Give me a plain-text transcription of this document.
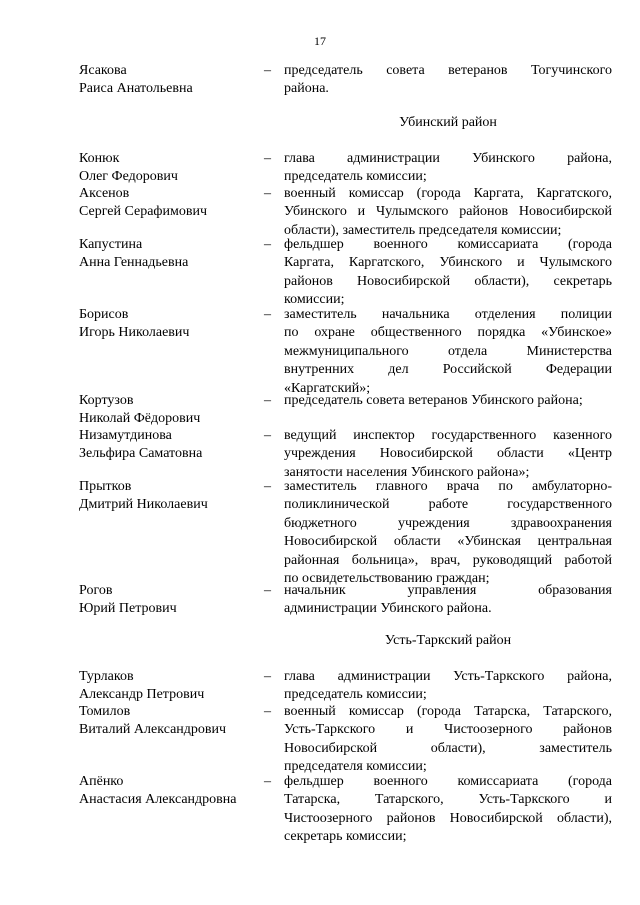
17
Ясакова
Раиса Анатольевна
– председатель совета ветеранов Тогучинского
района.
Убинский район
Конюк
Олег Федорович
– глава администрации Убинского района,
председатель комиссии;
Аксенов
Сергей Серафимович
– военный комиссар (города Каргата, Каргатского,
Убинского и Чулымского районов Новосибирской
области), заместитель председателя комиссии;
Капустина
Анна Геннадьевна
– фельдшер военного комиссариата (города
Каргата, Каргатского, Убинского и Чулымского
районов Новосибирской области), секретарь
комиссии;
Борисов
Игорь Николаевич
– заместитель начальника отделения полиции
по охране общественного порядка «Убинское»
межмуниципального отдела Министерства
внутренних дел Российской Федерации
«Каргатский»;
Кортузов
Николай Фёдорович
– председатель совета ветеранов Убинского района;
Низамутдинова
Зельфира Саматовна
– ведущий инспектор государственного казенного
учреждения Новосибирской области «Центр
занятости населения Убинского района»;
Прытков
Дмитрий Николаевич
– заместитель главного врача по амбулаторно-
поликлинической работе государственного
бюджетного учреждения здравоохранения
Новосибирской области «Убинская центральная
районная больница», врач, руководящий работой
по освидетельствованию граждан;
Рогов
Юрий Петрович
– начальник управления образования
администрации Убинского района.
Усть-Таркский район
Турлаков
Александр Петрович
– глава администрации Усть-Таркского района,
председатель комиссии;
Томилов
Виталий Александрович
– военный комиссар (города Татарска, Татарского,
Усть-Таркского и Чистоозерного районов
Новосибирской области), заместитель
председателя комиссии;
Апёнко
Анастасия Александровна
– фельдшер военного комиссариата (города
Татарска, Татарского, Усть-Таркского и
Чистоозерного районов Новосибирской области),
секретарь комиссии;
